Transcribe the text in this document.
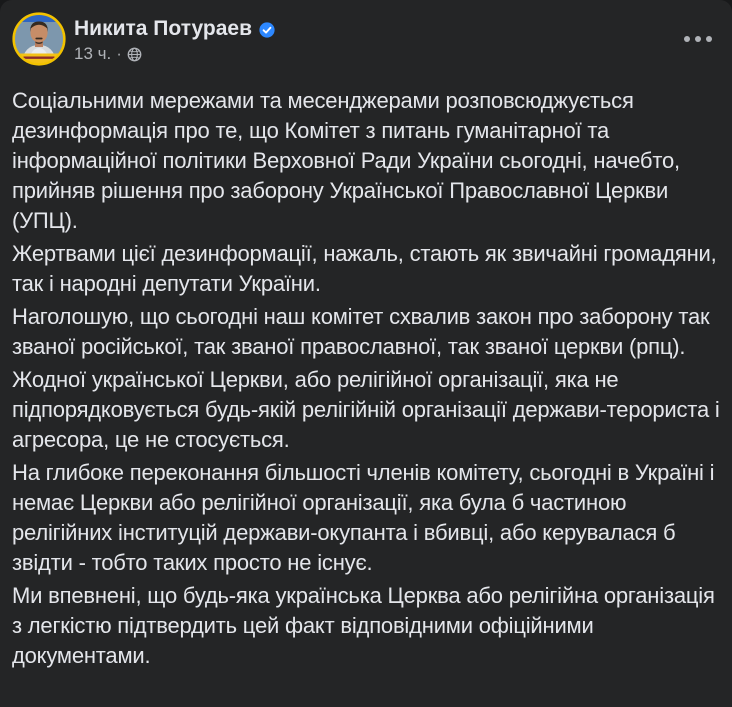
Никита Потураев
13 ч. ·

Соціальними мережами та месенджерами розповсюджується дезинформація про те, що Комітет з питань гуманітарної та інформаційної політики Верховної Ради України сьогодні, начебто, прийняв рішення про заборону Української Православної Церкви (УПЦ).

Жертвами цієї дезинформації, нажаль, стають як звичайні громадяни, так і народні депутати України.

Наголошую, що сьогодні наш комітет схвалив закон про заборону так званої російської, так званої православної, так званої церкви (рпц).

Жодної української Церкви, або релігійної організації, яка не підпорядковується будь-якій релігійній організації держави-терориста і агресора, це не стосується.

На глибоке переконання більшості членів комітету, сьогодні в Україні і немає Церкви або релігійної організації, яка була б частиною релігійних інституцій держави-окупанта і вбивці, або керувалася б звідти - тобто таких просто не існує.

Ми впевнені, що будь-яка українська Церква або релігійна організація з легкістю підтвердить цей факт відповідними офіційними документами.
